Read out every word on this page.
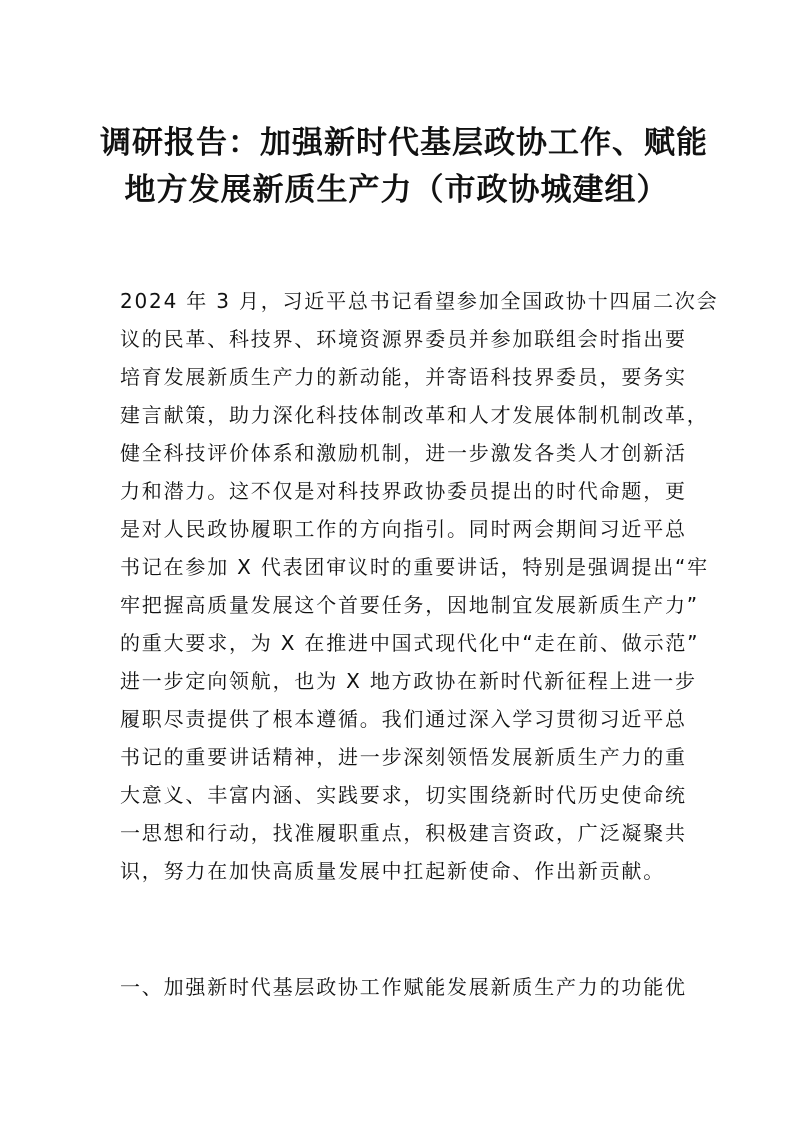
调研报告：加强新时代基层政协工作、赋能
地方发展新质生产力（市政协城建组）
2024 年 3 月，习近平总书记看望参加全国政协十四届二次会
议的民革、科技界、环境资源界委员并参加联组会时指出要
培育发展新质生产力的新动能，并寄语科技界委员，要务实
建言献策，助力深化科技体制改革和人才发展体制机制改革，
健全科技评价体系和激励机制，进一步激发各类人才创新活
力和潜力。这不仅是对科技界政协委员提出的时代命题，更
是对人民政协履职工作的方向指引。同时两会期间习近平总
书记在参加 X 代表团审议时的重要讲话，特别是强调提出“牢
牢把握高质量发展这个首要任务，因地制宜发展新质生产力”
的重大要求，为 X 在推进中国式现代化中“走在前、做示范”
进一步定向领航，也为 X 地方政协在新时代新征程上进一步
履职尽责提供了根本遵循。我们通过深入学习贯彻习近平总
书记的重要讲话精神，进一步深刻领悟发展新质生产力的重
大意义、丰富内涵、实践要求，切实围绕新时代历史使命统
一思想和行动，找准履职重点，积极建言资政，广泛凝聚共
识，努力在加快高质量发展中扛起新使命、作出新贡献。
一、加强新时代基层政协工作赋能发展新质生产力的功能优
